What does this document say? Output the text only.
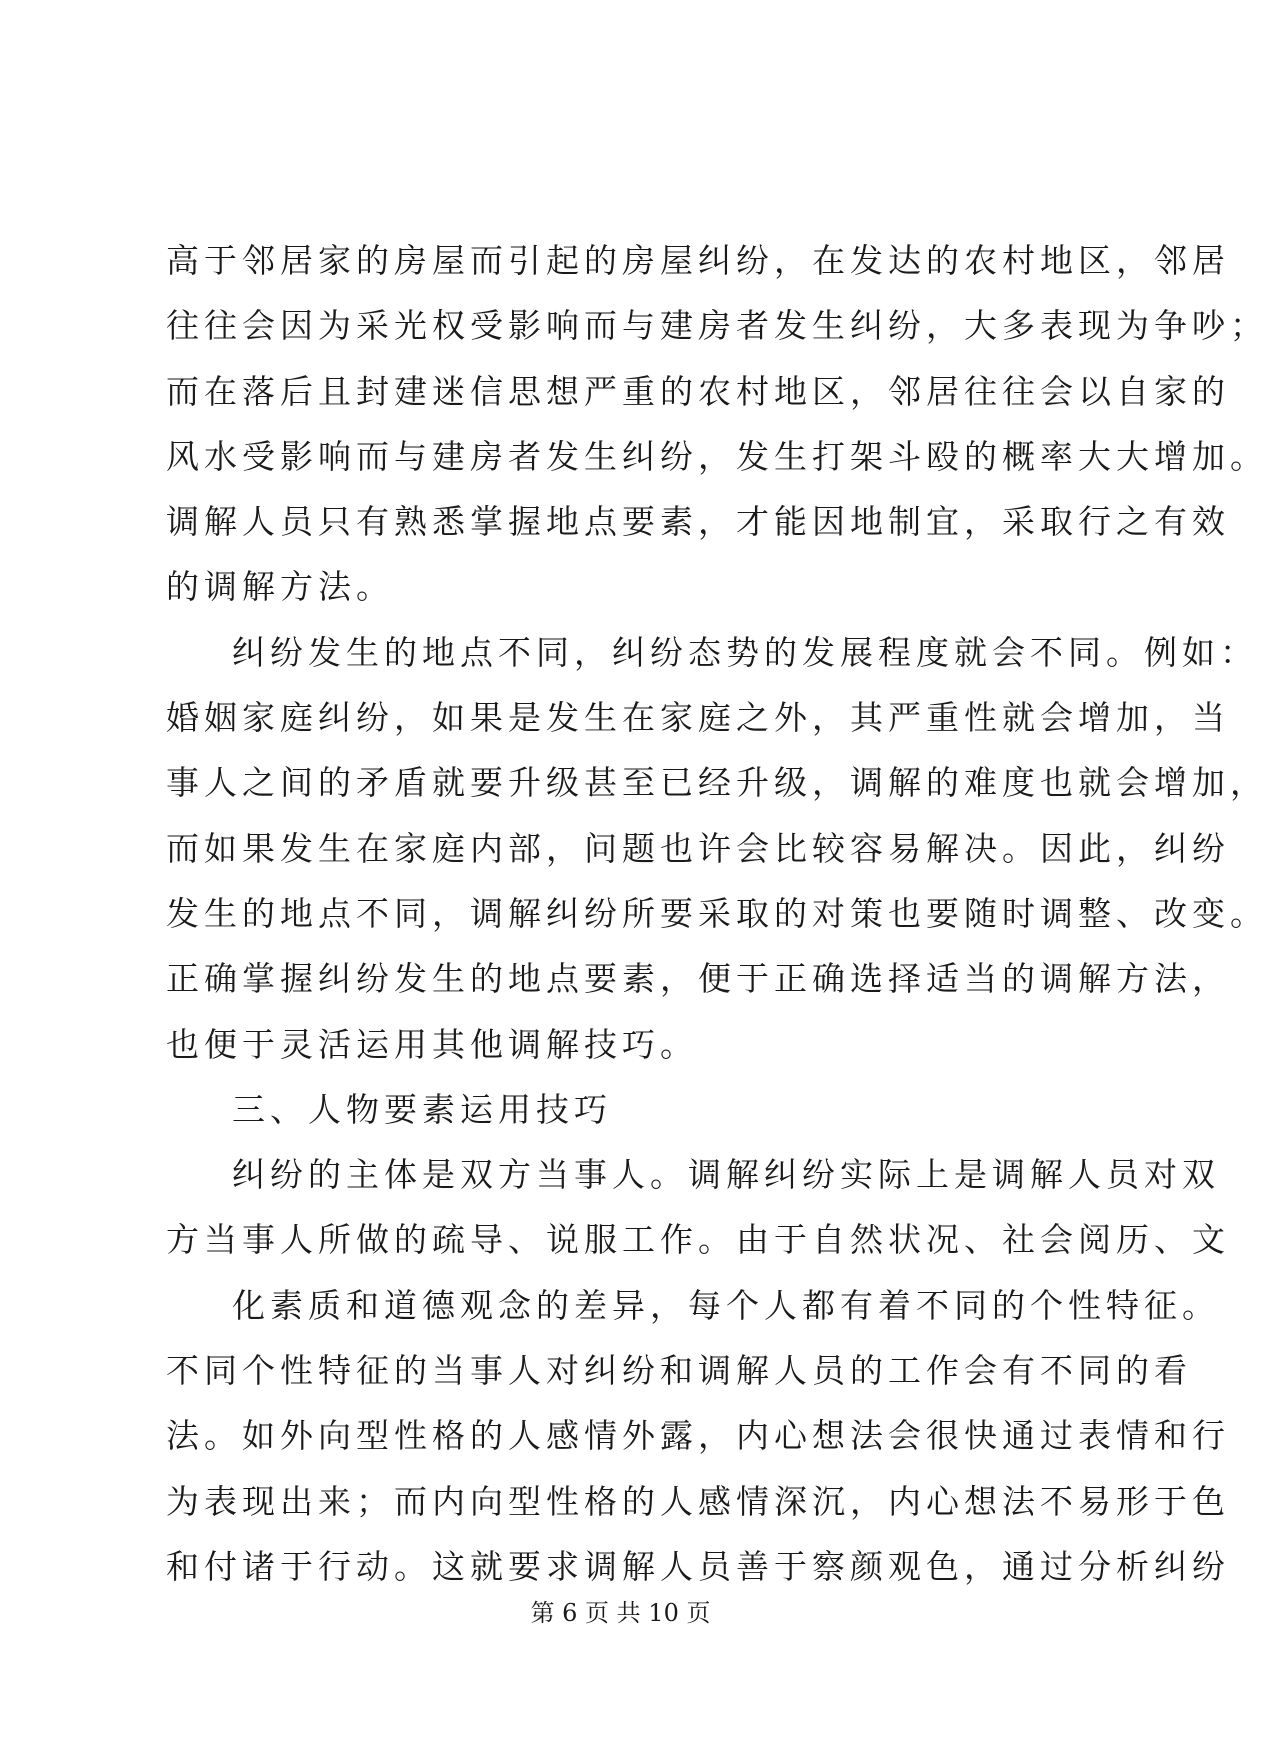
高于邻居家的房屋而引起的房屋纠纷，在发达的农村地区，邻居
往往会因为采光权受影响而与建房者发生纠纷，大多表现为争吵；
而在落后且封建迷信思想严重的农村地区，邻居往往会以自家的
风水受影响而与建房者发生纠纷，发生打架斗殴的概率大大增加。
调解人员只有熟悉掌握地点要素，才能因地制宜，采取行之有效
的调解方法。
纠纷发生的地点不同，纠纷态势的发展程度就会不同。例如：
婚姻家庭纠纷，如果是发生在家庭之外，其严重性就会增加，当
事人之间的矛盾就要升级甚至已经升级，调解的难度也就会增加，
而如果发生在家庭内部，问题也许会比较容易解决。因此，纠纷
发生的地点不同，调解纠纷所要采取的对策也要随时调整、改变。
正确掌握纠纷发生的地点要素，便于正确选择适当的调解方法，
也便于灵活运用其他调解技巧。
三、人物要素运用技巧
纠纷的主体是双方当事人。调解纠纷实际上是调解人员对双
方当事人所做的疏导、说服工作。由于自然状况、社会阅历、文
化素质和道德观念的差异，每个人都有着不同的个性特征。
不同个性特征的当事人对纠纷和调解人员的工作会有不同的看
法。如外向型性格的人感情外露，内心想法会很快通过表情和行
为表现出来；而内向型性格的人感情深沉，内心想法不易形于色
和付诸于行动。这就要求调解人员善于察颜观色，通过分析纠纷
第 6 页 共 10 页
